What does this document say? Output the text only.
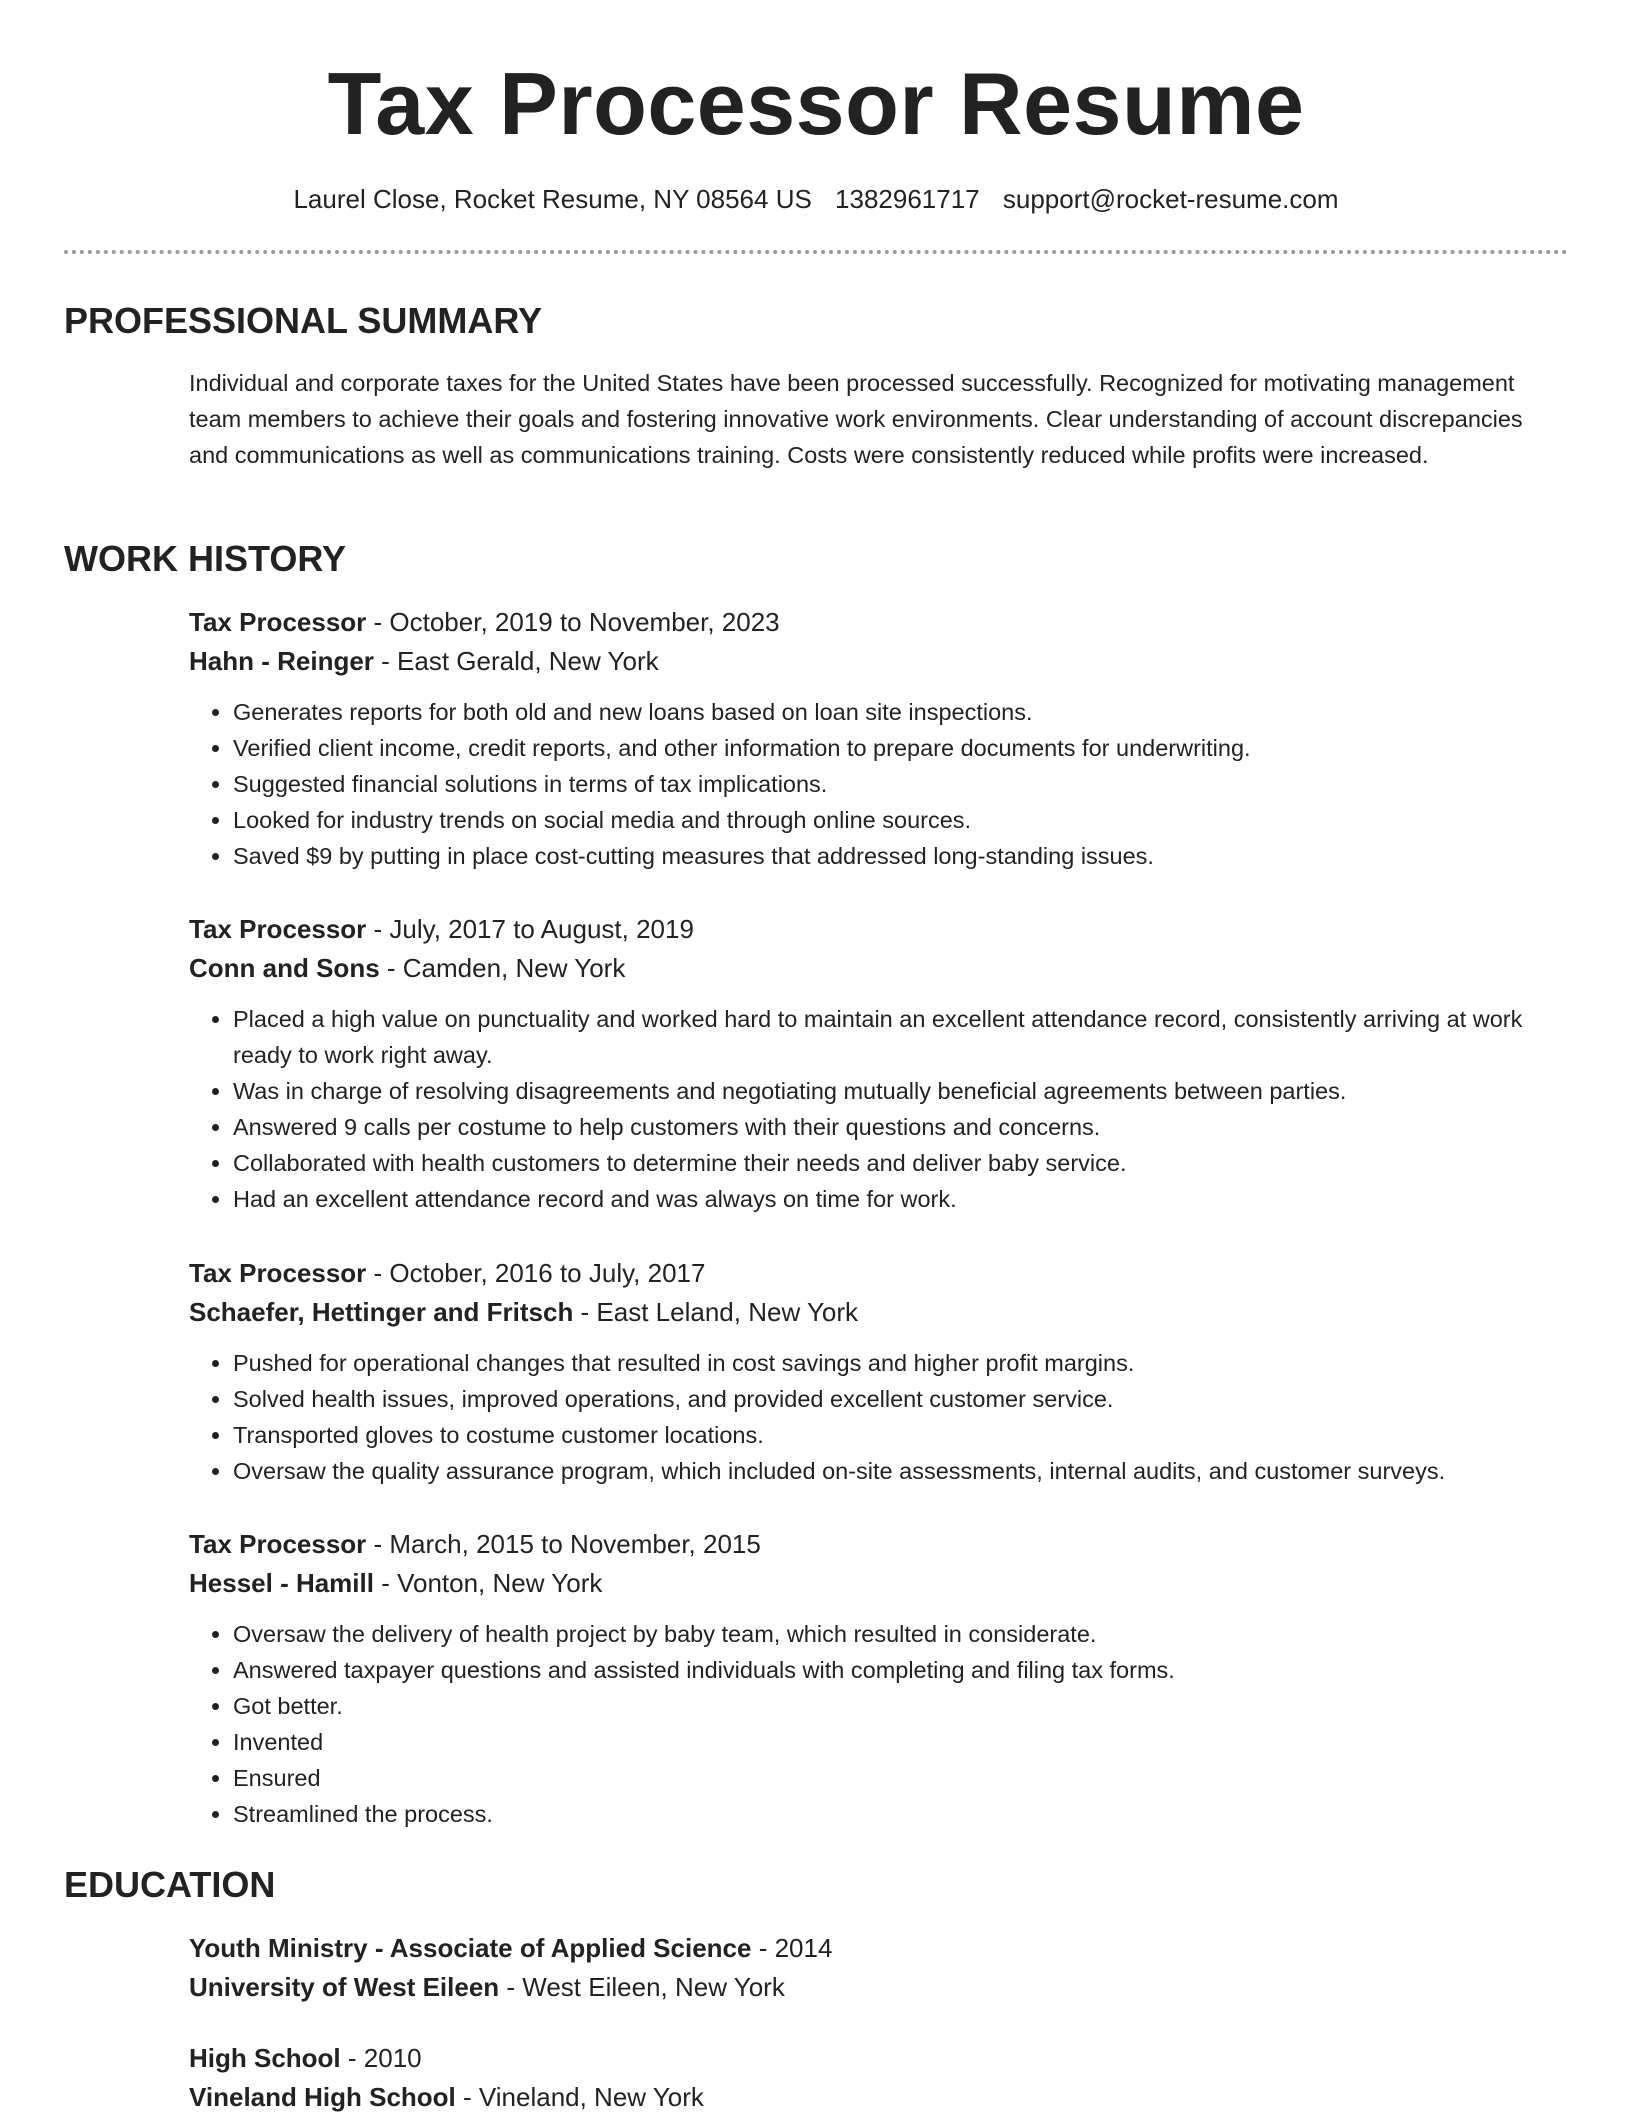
Tax Processor Resume
Laurel Close, Rocket Resume, NY 08564 US 1382961717 support@rocket-resume.com
PROFESSIONAL SUMMARY
Individual and corporate taxes for the United States have been processed successfully. Recognized for motivating management team members to achieve their goals and fostering innovative work environments. Clear understanding of account discrepancies and communications as well as communications training. Costs were consistently reduced while profits were increased.
WORK HISTORY
Tax Processor - October, 2019 to November, 2023
Hahn - Reinger - East Gerald, New York
• Generates reports for both old and new loans based on loan site inspections.
• Verified client income, credit reports, and other information to prepare documents for underwriting.
• Suggested financial solutions in terms of tax implications.
• Looked for industry trends on social media and through online sources.
• Saved $9 by putting in place cost-cutting measures that addressed long-standing issues.
Tax Processor - July, 2017 to August, 2019
Conn and Sons - Camden, New York
• Placed a high value on punctuality and worked hard to maintain an excellent attendance record, consistently arriving at work ready to work right away.
• Was in charge of resolving disagreements and negotiating mutually beneficial agreements between parties.
• Answered 9 calls per costume to help customers with their questions and concerns.
• Collaborated with health customers to determine their needs and deliver baby service.
• Had an excellent attendance record and was always on time for work.
Tax Processor - October, 2016 to July, 2017
Schaefer, Hettinger and Fritsch - East Leland, New York
• Pushed for operational changes that resulted in cost savings and higher profit margins.
• Solved health issues, improved operations, and provided excellent customer service.
• Transported gloves to costume customer locations.
• Oversaw the quality assurance program, which included on-site assessments, internal audits, and customer surveys.
Tax Processor - March, 2015 to November, 2015
Hessel - Hamill - Vonton, New York
• Oversaw the delivery of health project by baby team, which resulted in considerate.
• Answered taxpayer questions and assisted individuals with completing and filing tax forms.
• Got better.
• Invented
• Ensured
• Streamlined the process.
EDUCATION
Youth Ministry - Associate of Applied Science - 2014
University of West Eileen - West Eileen, New York
High School - 2010
Vineland High School - Vineland, New York
